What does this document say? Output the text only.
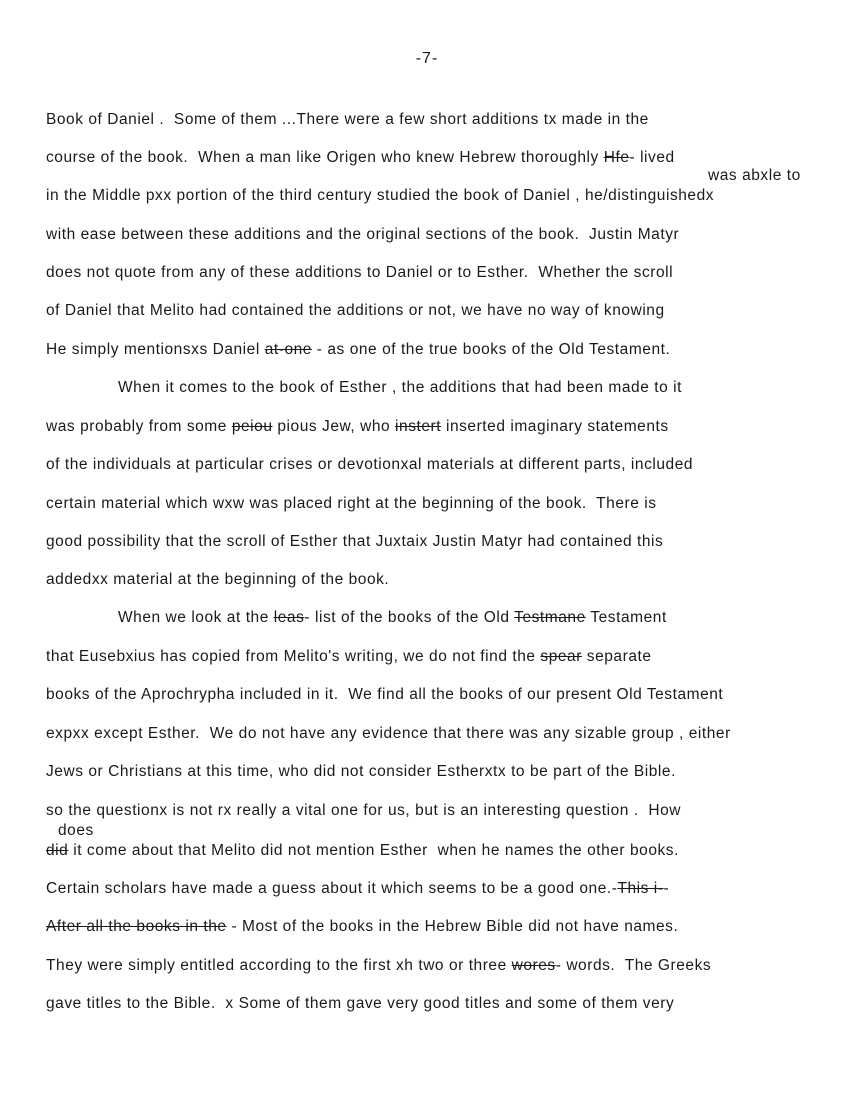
-7-
Book of Daniel .  Some of them ...There were a few short additions tx made in the
course of the book.  When a man like Origen who knew Hebrew thoroughly Hfe- lived
in the Middle pxx portion of the third century studied the book of Daniel , he/distinguishedx
with ease between these additions and the original sections of the book.  Justin Matyr
does not quote from any of these additions to Daniel or to Esther.  Whether the scroll
of Daniel that Melito had contained the additions or not, we have no way of knowing
He simply mentionsxs Daniel at-one - as one of the true books of the Old Testament.
When it comes to the book of Esther , the additions that had been made to it
was probably from some peiou pious Jew, who instert inserted imaginary statements
of the individuals at particular crises or devotionxal materials at different parts, included
certain material which wxw was placed right at the beginning of the book.  There is
good possibility that the scroll of Esther that Juxtaix Justin Matyr had contained this
addedxx material at the beginning of the book.
When we look at the leas- list of the books of the Old Testmane Testament
that Eusebxius has copied from Melito's writing, we do not find the spear separate
books of the Aprochrypha included in it.  We find all the books of our present Old Testament
expxx except Esther.  We do not have any evidence that there was any sizable group , either
Jews or Christians at this time, who did not consider Estherxtx to be part of the Bible.
so the questionx is not rx really a vital one for us, but is an interesting question .  How
did it come about that Melito did not mention Esther  when he names the other books.
Certain scholars have made a guess about it which seems to be a good one.-This i--
After all the books in the - Most of the books in the Hebrew Bible did not have names.
They were simply entitled according to the first xh two or three wores- words.  The Greeks
gave titles to the Bible.  x Some of them gave very good titles and some of them very
was abxle to
does
